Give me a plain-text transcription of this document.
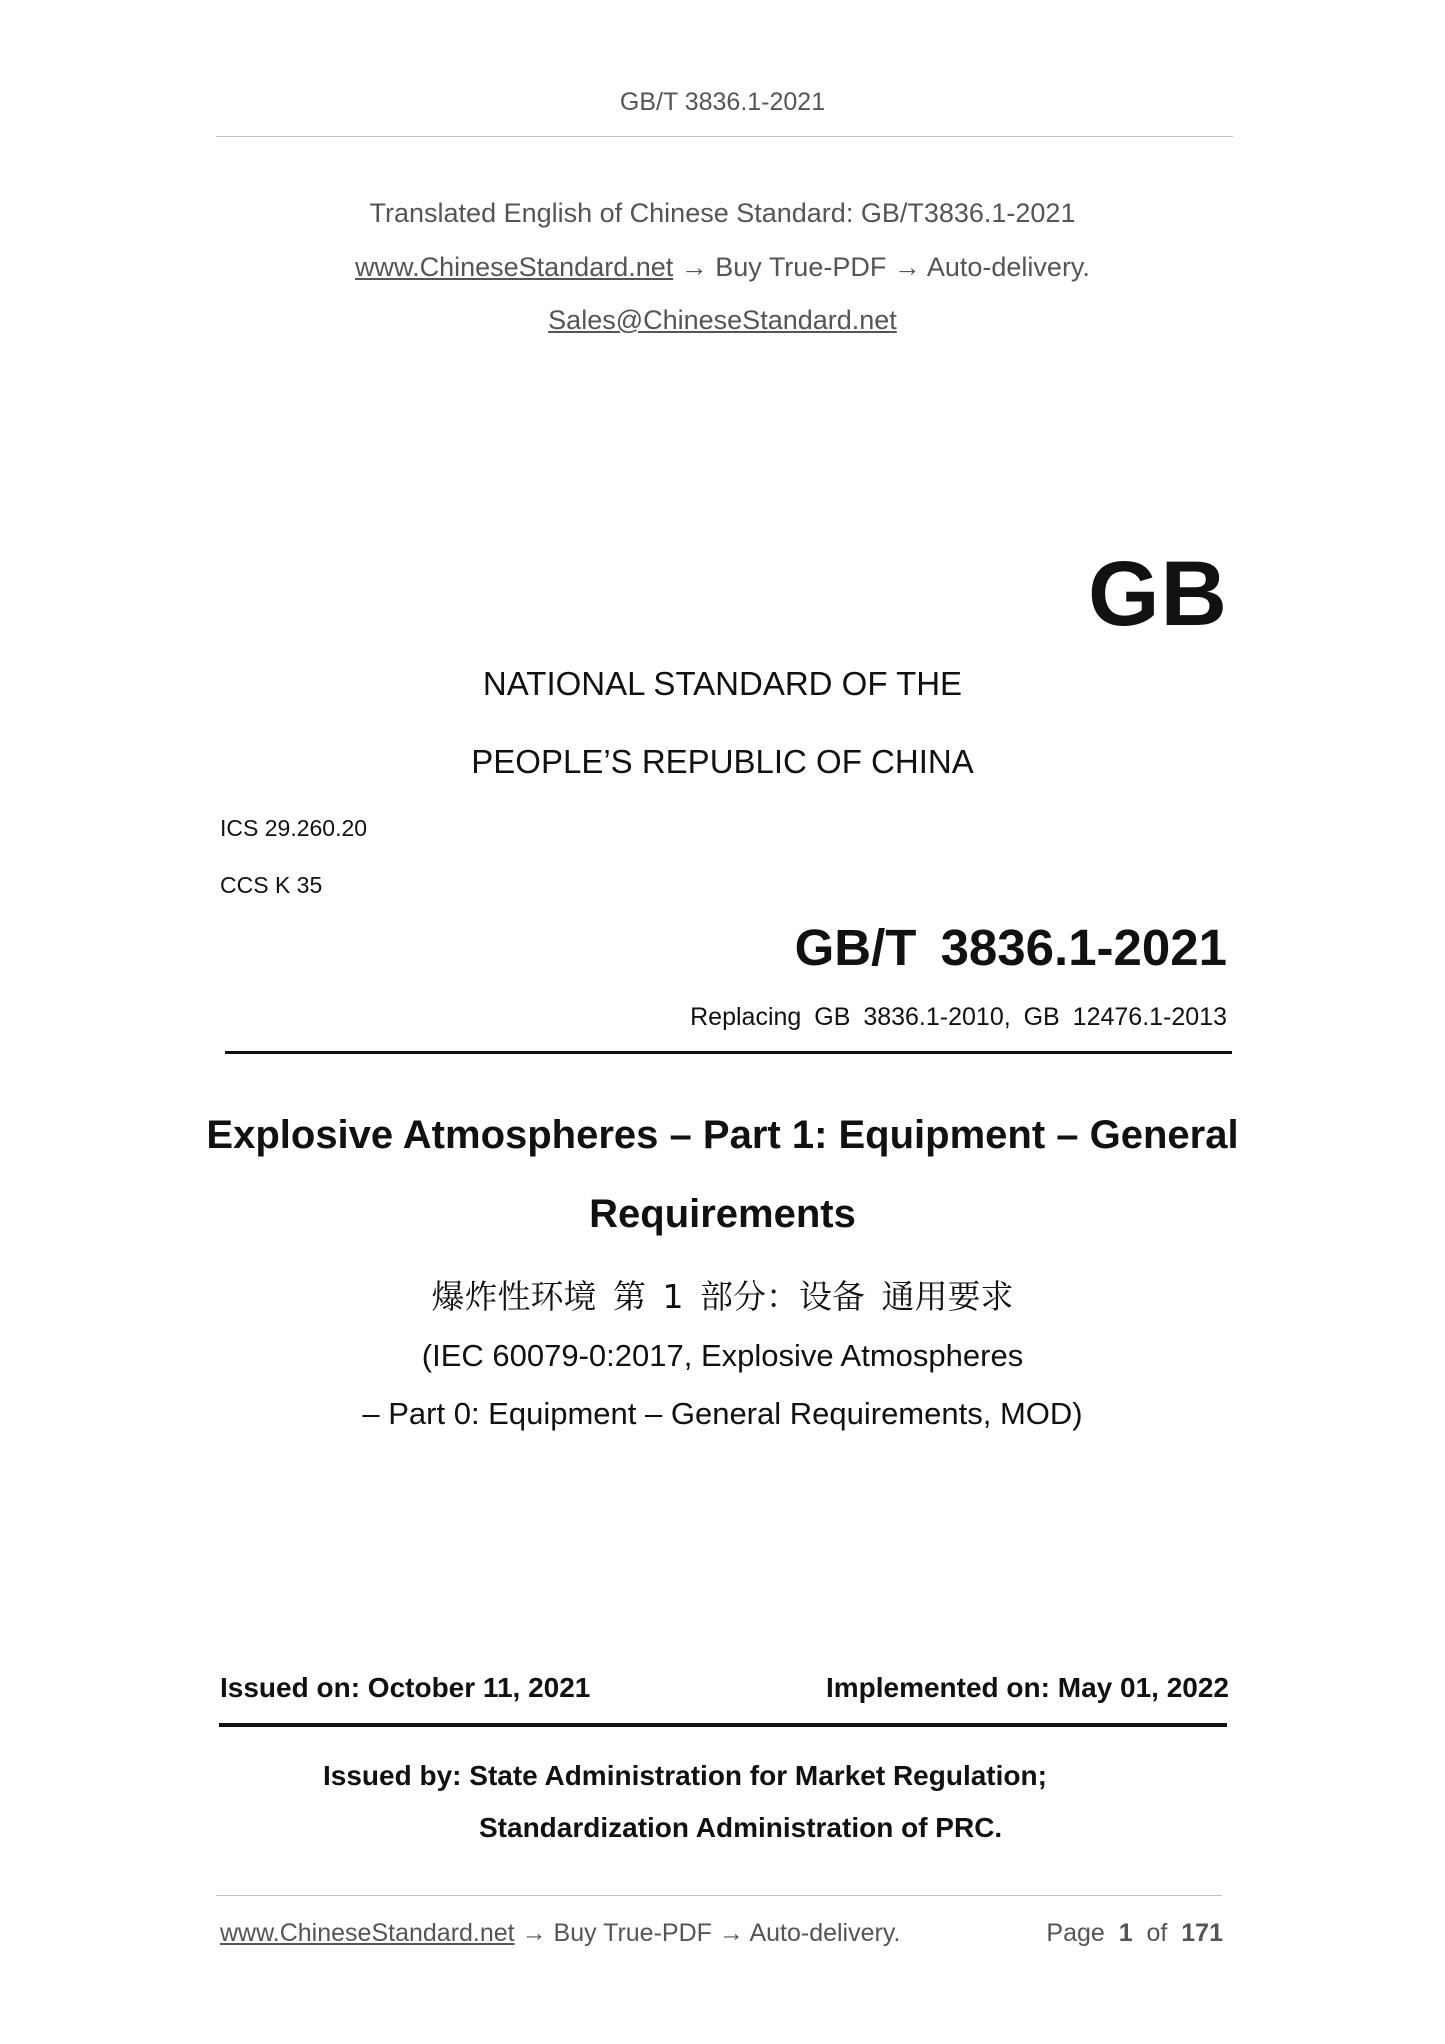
GB/T 3836.1-2021
Translated English of Chinese Standard: GB/T3836.1-2021
www.ChineseStandard.net → Buy True-PDF → Auto-delivery.
Sales@ChineseStandard.net
GB
NATIONAL STANDARD OF THE
PEOPLE’S REPUBLIC OF CHINA
ICS 29.260.20
CCS K 35
GB/T 3836.1-2021
Replacing GB 3836.1-2010, GB 12476.1-2013
Explosive Atmospheres – Part 1: Equipment – General
Requirements
爆炸性环境 第 1 部分：设备 通用要求
(IEC 60079-0:2017, Explosive Atmospheres
– Part 0: Equipment – General Requirements, MOD)
Issued on: October 11, 2021	Implemented on: May 01, 2022
Issued by: State Administration for Market Regulation;
Standardization Administration of PRC.
www.ChineseStandard.net → Buy True-PDF → Auto-delivery.	Page 1 of 171
